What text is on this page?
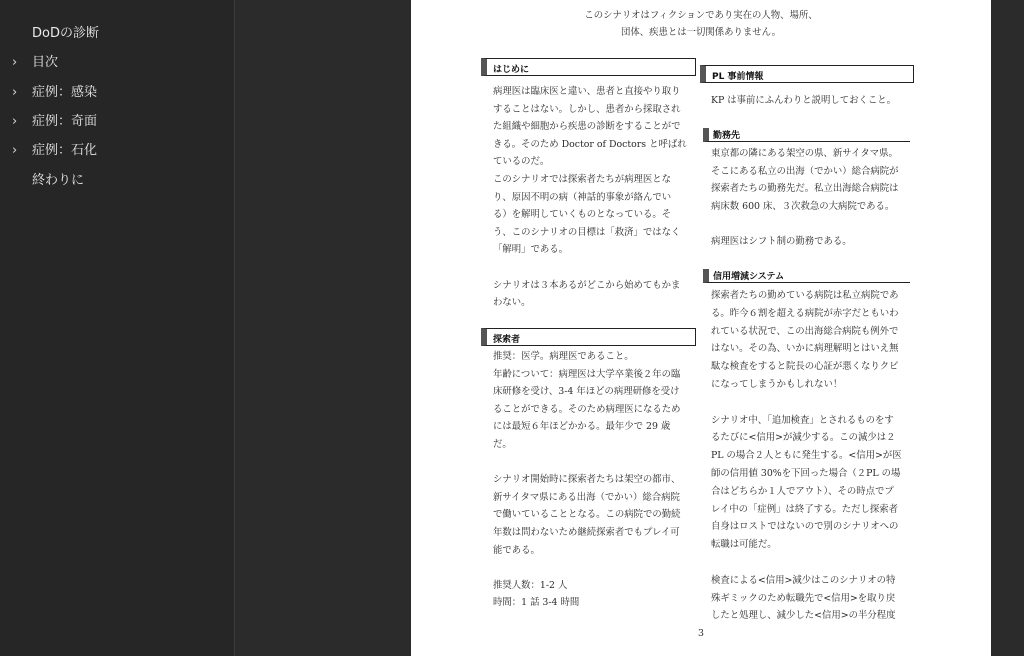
DoDの診断
›	目次
›	症例：感染
›	症例：奇面
›	症例：石化
終わりに
このシナリオはフィクションであり実在の人物、場所、
団体、疾患とは一切関係ありません。
はじめに
病理医は臨床医と違い、患者と直接やり取り
することはない。しかし、患者から採取され
た組織や細胞から疾患の診断をすることがで
きる。そのため Doctor of Doctors と呼ばれ
ているのだ。
このシナリオでは探索者たちが病理医とな
り、原因不明の病（神話的事象が絡んでい
る）を解明していくものとなっている。そ
う、このシナリオの目標は「救済」ではなく
「解明」である。
シナリオは３本あるがどこから始めてもかま
わない。
探索者
推奨：医学。病理医であること。
年齢について：病理医は大学卒業後２年の臨
床研修を受け、3-4 年ほどの病理研修を受け
ることができる。そのため病理医になるため
には最短６年ほどかかる。最年少で 29 歳
だ。
シナリオ開始時に探索者たちは架空の都市、
新サイタマ県にある出海（でかい）総合病院
で働いていることとなる。この病院での勤続
年数は問わないため継続探索者でもプレイ可
能である。
推奨人数：1-2 人
時間：1 話 3-4 時間
PL 事前情報
KP は事前にふんわりと説明しておくこと。
勤務先
東京都の隣にある架空の県、新サイタマ県。
そこにある私立の出海（でかい）総合病院が
探索者たちの勤務先だ。私立出海総合病院は
病床数 600 床、３次救急の大病院である。
病理医はシフト制の勤務である。
信用増減システム
探索者たちの勤めている病院は私立病院であ
る。昨今６割を超える病院が赤字だともいわ
れている状況で、この出海総合病院も例外で
はない。その為、いかに病理解明とはいえ無
駄な検査をすると院長の心証が悪くなりクビ
になってしまうかもしれない！
シナリオ中、「追加検査」とされるものをす
るたびに<信用>が減少する。この減少は２
PL の場合２人ともに発生する。<信用>が医
師の信用値 30%を下回った場合（２PL の場
合はどちらか１人でアウト）、その時点でプ
レイ中の「症例」は終了する。ただし探索者
自身はロストではないので別のシナリオへの
転職は可能だ。
検査による<信用>減少はこのシナリオの特
殊ギミックのため転職先で<信用>を取り戻
したと処理し、減少した<信用>の半分程度
3
